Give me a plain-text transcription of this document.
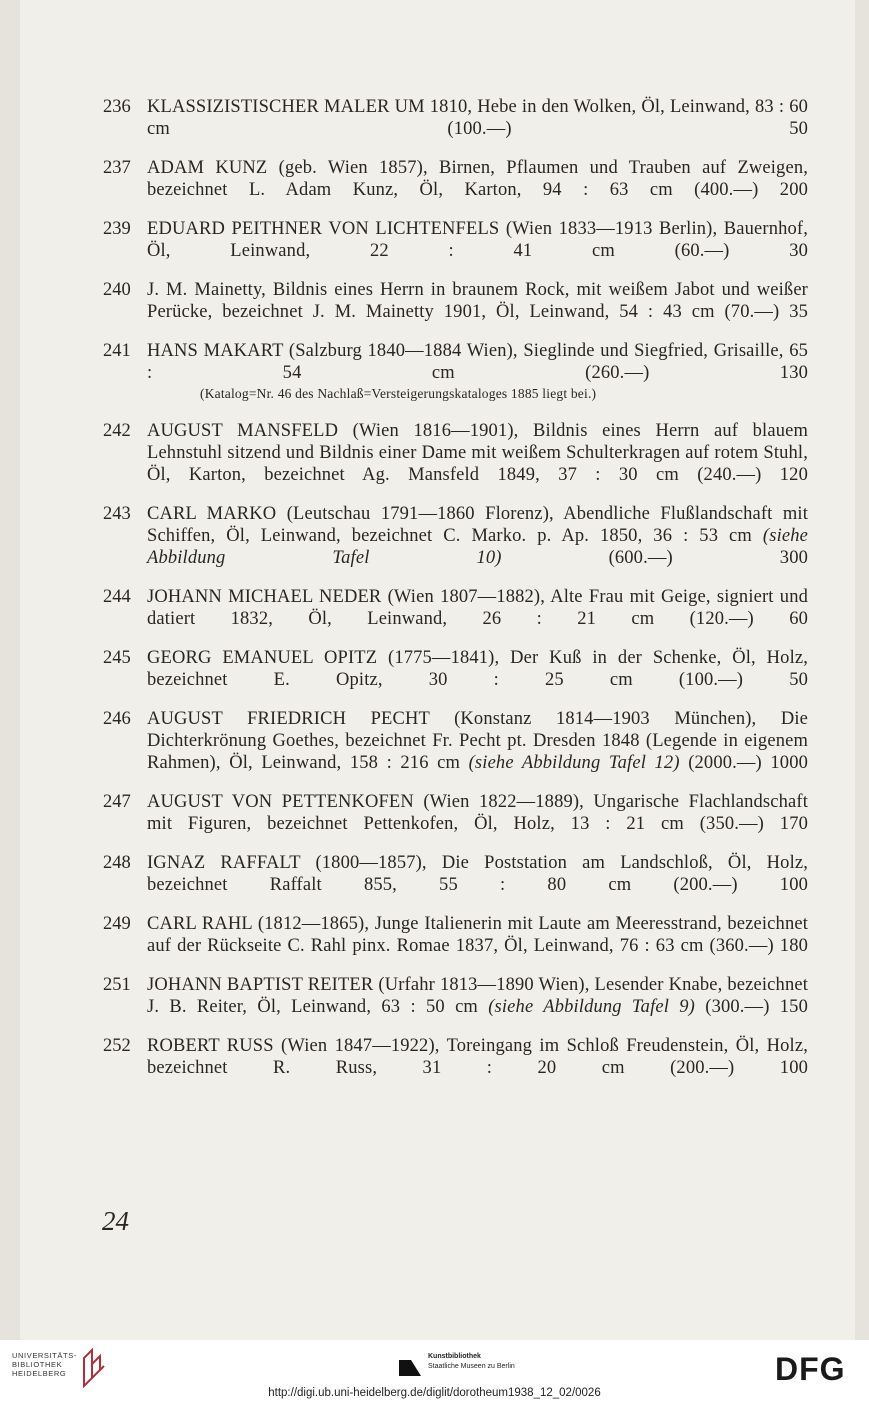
236 KLASSIZISTISCHER MALER UM 1810, Hebe in den Wolken, Öl, Leinwand, 83 : 60 cm (100.—) 50
237 ADAM KUNZ (geb. Wien 1857), Birnen, Pflaumen und Trauben auf Zweigen, bezeichnet L. Adam Kunz, Öl, Karton, 94 : 63 cm (400.—) 200
239 EDUARD PEITHNER VON LICHTENFELS (Wien 1833—1913 Berlin), Bauernhof, Öl, Leinwand, 22 : 41 cm (60.—) 30
240 J. M. Mainetty, Bildnis eines Herrn in braunem Rock, mit weißem Jabot und weißer Perücke, bezeichnet J. M. Mainetty 1901, Öl, Leinwand, 54 : 43 cm (70.—) 35
241 HANS MAKART (Salzburg 1840—1884 Wien), Sieglinde und Siegfried, Grisaille, 65 : 54 cm (260.—) 130
(Katalog=Nr. 46 des Nachlaß=Versteigerungskataloges 1885 liegt bei.)
242 AUGUST MANSFELD (Wien 1816—1901), Bildnis eines Herrn auf blauem Lehnstuhl sitzend und Bildnis einer Dame mit weißem Schulterkragen auf rotem Stuhl, Öl, Karton, bezeichnet Ag. Mansfeld 1849, 37 : 30 cm (240.—) 120
243 CARL MARKO (Leutschau 1791—1860 Florenz), Abendliche Flußlandschaft mit Schiffen, Öl, Leinwand, bezeichnet C. Marko. p. Ap. 1850, 36 : 53 cm (siehe Abbildung Tafel 10) (600.—) 300
244 JOHANN MICHAEL NEDER (Wien 1807—1882), Alte Frau mit Geige, signiert und datiert 1832, Öl, Leinwand, 26 : 21 cm (120.—) 60
245 GEORG EMANUEL OPITZ (1775—1841), Der Kuß in der Schenke, Öl, Holz, bezeichnet E. Opitz, 30 : 25 cm (100.—) 50
246 AUGUST FRIEDRICH PECHT (Konstanz 1814—1903 München), Die Dichterkrönung Goethes, bezeichnet Fr. Pecht pt. Dresden 1848 (Legende in eigenem Rahmen), Öl, Leinwand, 158 : 216 cm (siehe Abbildung Tafel 12) (2000.—) 1000
247 AUGUST VON PETTENKOFEN (Wien 1822—1889), Ungarische Flachlandschaft mit Figuren, bezeichnet Pettenkofen, Öl, Holz, 13 : 21 cm (350.—) 170
248 IGNAZ RAFFALT (1800—1857), Die Poststation am Landschloß, Öl, Holz, bezeichnet Raffalt 855, 55 : 80 cm (200.—) 100
249 CARL RAHL (1812—1865), Junge Italienerin mit Laute am Meeresstrand, bezeichnet auf der Rückseite C. Rahl pinx. Romae 1837, Öl, Leinwand, 76 : 63 cm (360.—) 180
251 JOHANN BAPTIST REITER (Urfahr 1813—1890 Wien), Lesender Knabe, bezeichnet J. B. Reiter, Öl, Leinwand, 63 : 50 cm (siehe Abbildung Tafel 9) (300.—) 150
252 ROBERT RUSS (Wien 1847—1922), Toreingang im Schloß Freudenstein, Öl, Holz, bezeichnet R. Russ, 31 : 20 cm (200.—) 100
24
UNIVERSITÄTS-
BIBLIOTHEK
HEIDELBERG
Kunstbibliothek
Staatliche Museen zu Berlin	DFG
http://digi.ub.uni-heidelberg.de/diglit/dorotheum1938_12_02/0026
